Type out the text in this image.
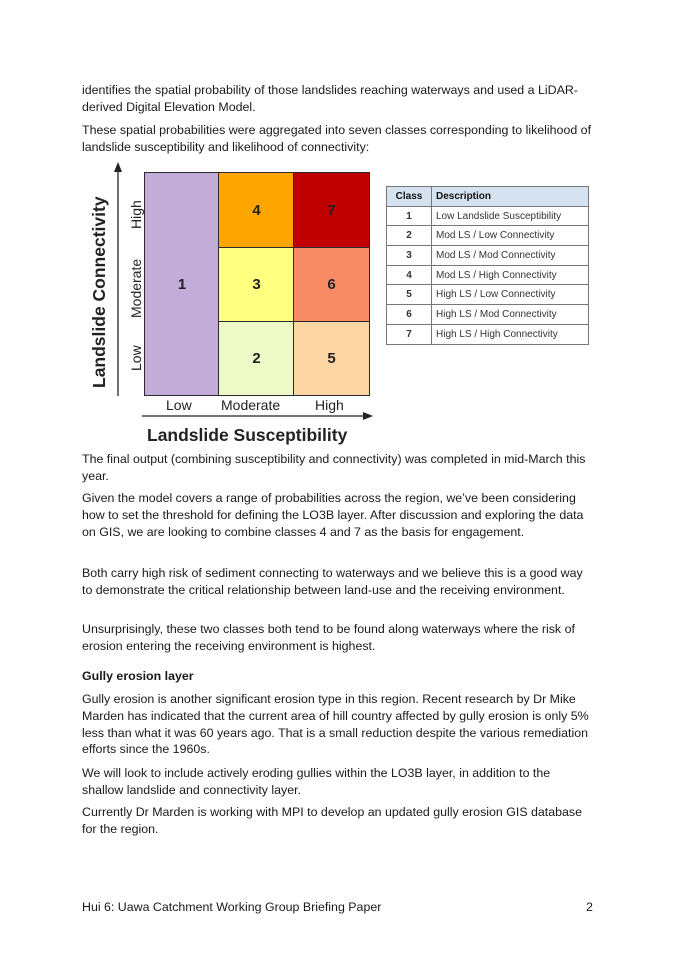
identifies the spatial probability of those landslides reaching waterways and used a LiDAR-derived Digital Elevation Model.

These spatial probabilities were aggregated into seven classes corresponding to likelihood of landslide susceptibility and likelihood of connectivity:

Landslide Connectivity Low
Moderate
High
1
2
3
4
5
6
7
Low Moderate High
Landslide Susceptibility
Class	Description
1	Low Landslide Susceptibility
2	Mod LS / Low Connectivity
3	Mod LS / Mod Connectivity
4	Mod LS / High Connectivity
5	High LS / Low Connectivity
6	High LS / Mod Connectivity
7	High LS / High Connectivity

The final output (combining susceptibility and connectivity) was completed in mid-March this year.

Given the model covers a range of probabilities across the region, we’ve been considering how to set the threshold for defining the LO3B layer. After discussion and exploring the data on GIS, we are looking to combine classes 4 and 7 as the basis for engagement.

Both carry high risk of sediment connecting to waterways and we believe this is a good way to demonstrate the critical relationship between land-use and the receiving environment.

Unsurprisingly, these two classes both tend to be found along waterways where the risk of erosion entering the receiving environment is highest.

Gully erosion layer

Gully erosion is another significant erosion type in this region. Recent research by Dr Mike Marden has indicated that the current area of hill country affected by gully erosion is only 5% less than what it was 60 years ago. That is a small reduction despite the various remediation efforts since the 1960s.

We will look to include actively eroding gullies within the LO3B layer, in addition to the shallow landslide and connectivity layer.

Currently Dr Marden is working with MPI to develop an updated gully erosion GIS database for the region.

Hui 6: Uawa Catchment Working Group Briefing Paper	2
